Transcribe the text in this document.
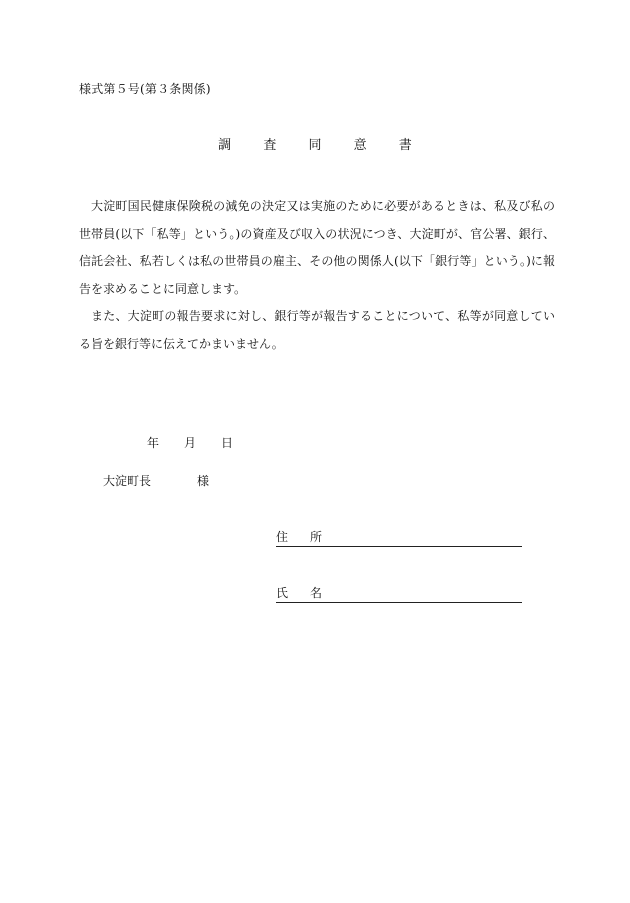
様式第５号(第３条関係)
調 査 同 意 書

大淀町国民健康保険税の減免の決定又は実施のために必要があるときは、私及び私の世帯員(以下「私等」という。)の資産及び収入の状況につき、大淀町が、官公署、銀行、信託会社、私若しくは私の世帯員の雇主、その他の関係人(以下「銀行等」という。)に報告を求めることに同意します。

また、大淀町の報告要求に対し、銀行等が報告することについて、私等が同意している旨を銀行等に伝えてかまいません。

年 月 日
大淀町長	様
住 所
氏 名
